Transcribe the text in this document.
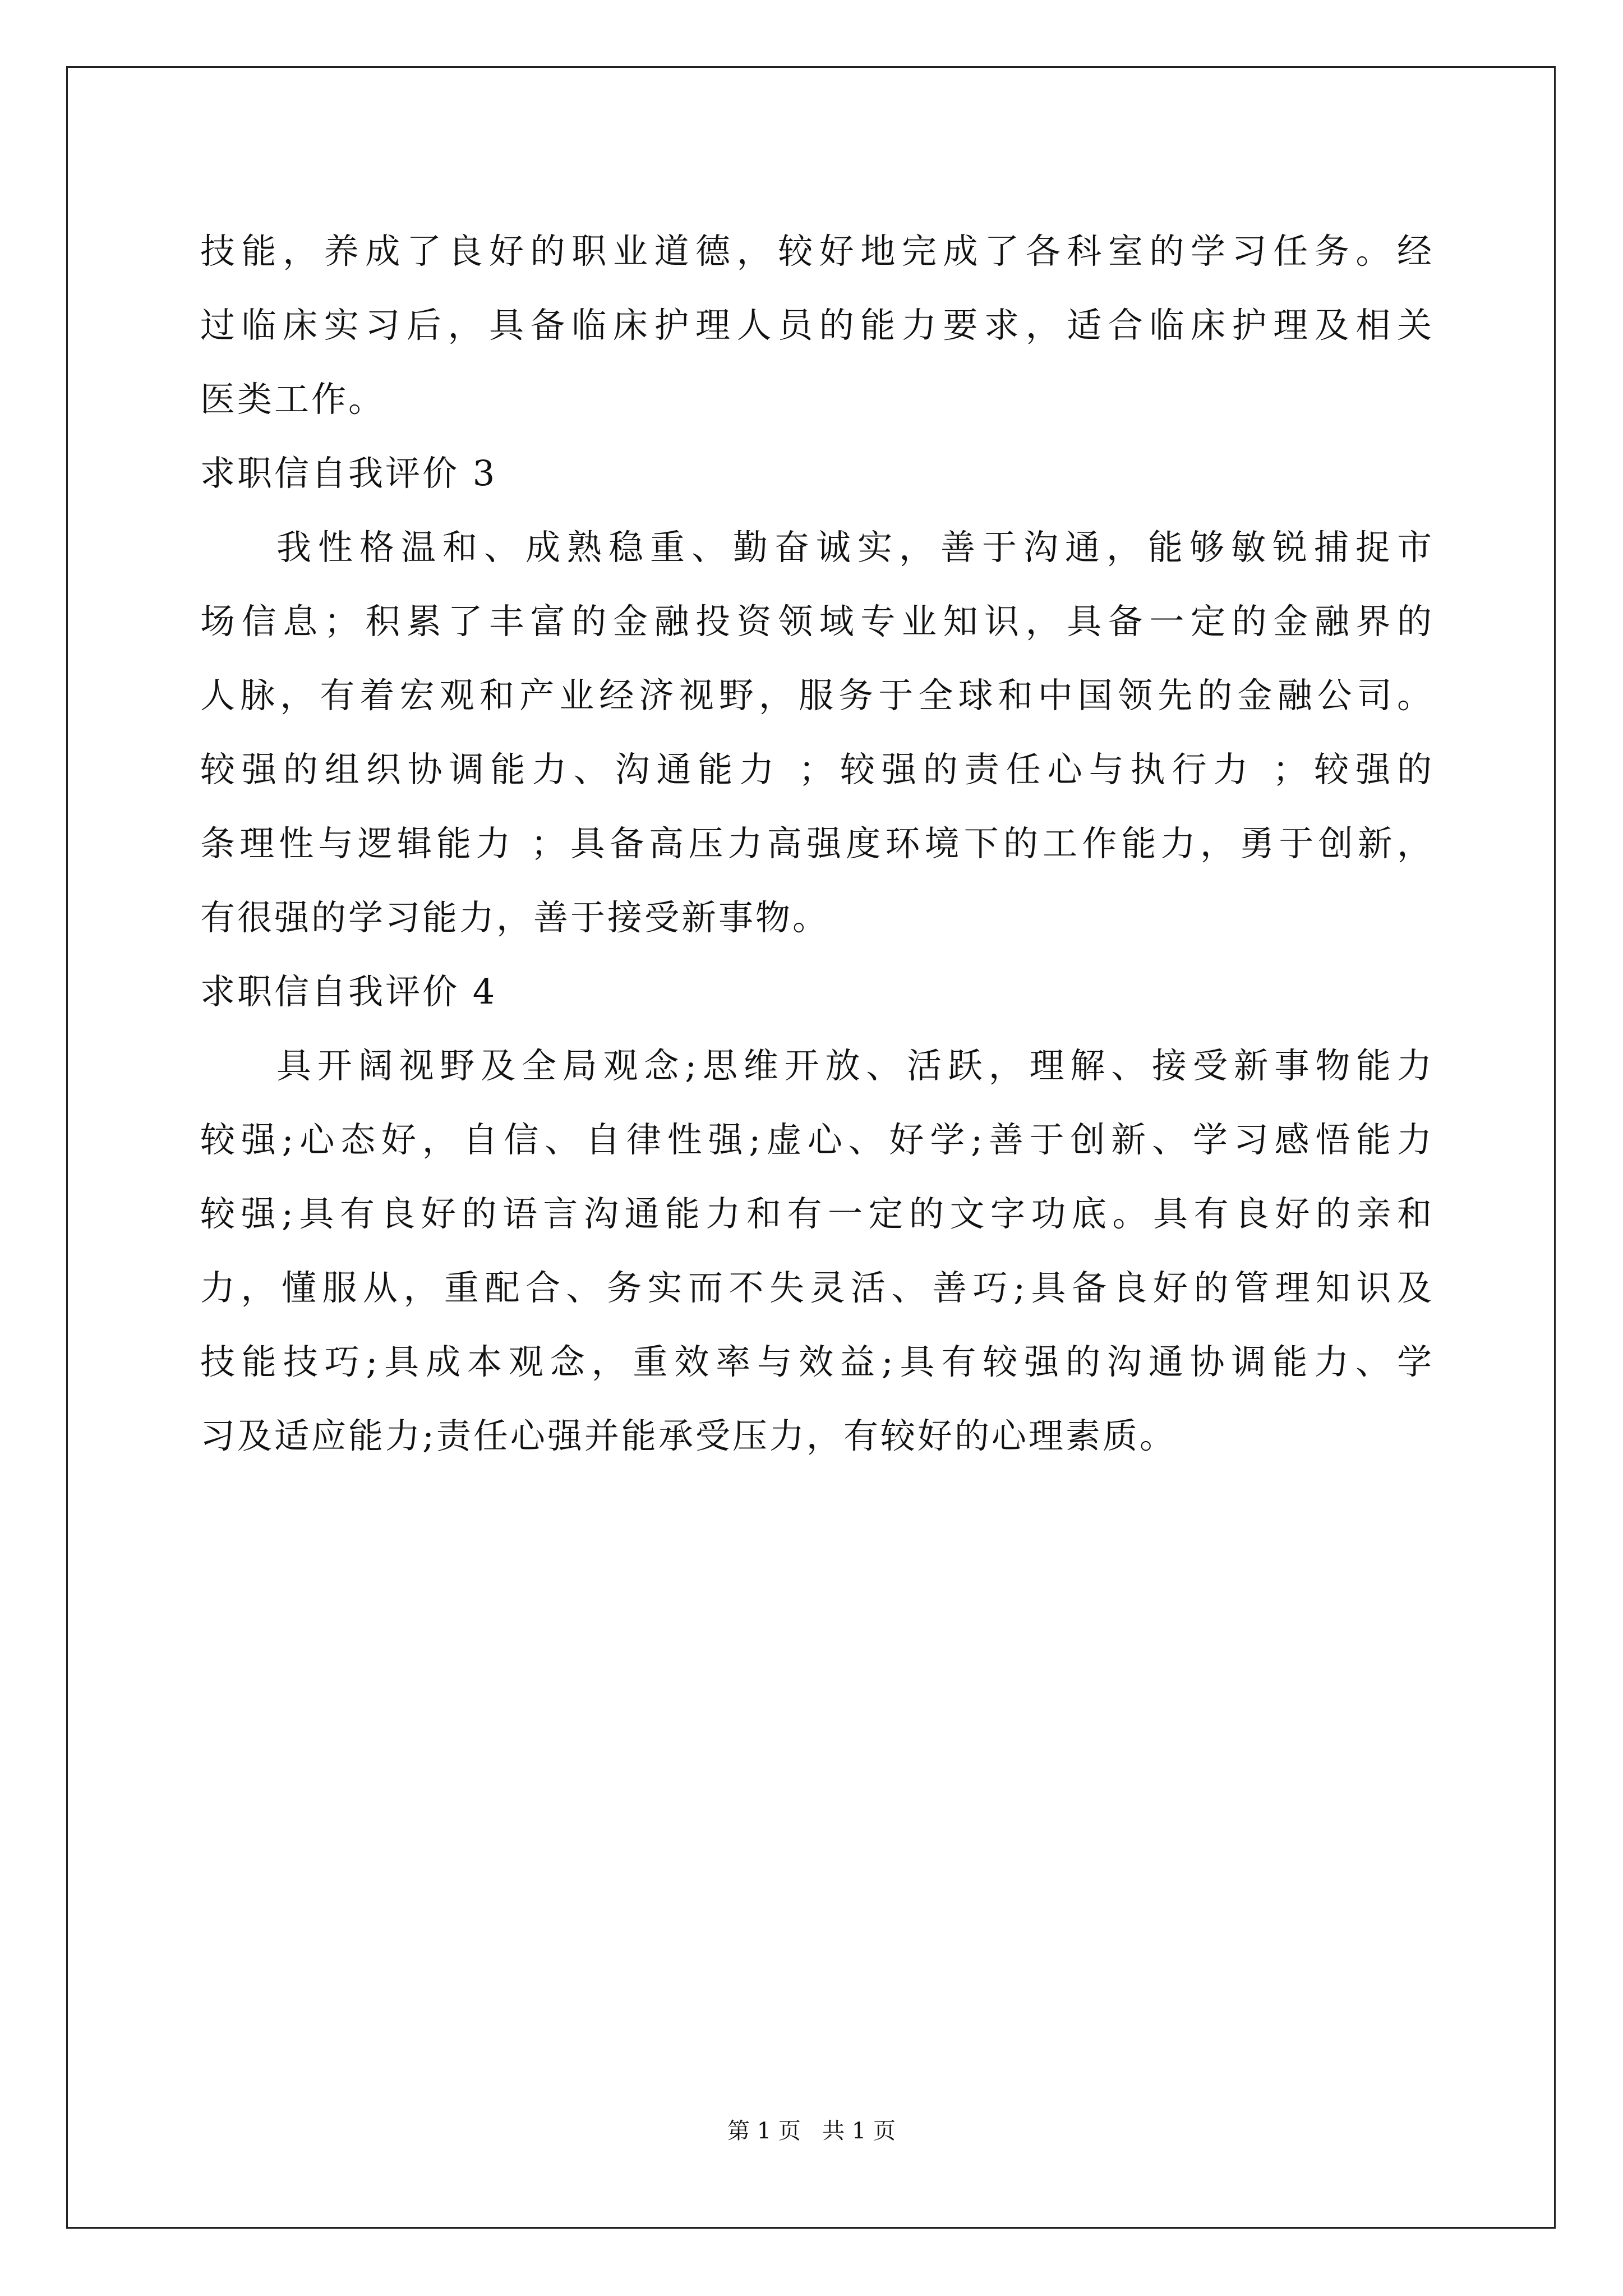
技能，养成了良好的职业道德，较好地完成了各科室的学习任务。经
过临床实习后，具备临床护理人员的能力要求，适合临床护理及相关
医类工作。
求职信自我评价 3
我性格温和、成熟稳重、勤奋诚实，善于沟通，能够敏锐捕捉市
场信息；积累了丰富的金融投资领域专业知识，具备一定的金融界的
人脉，有着宏观和产业经济视野，服务于全球和中国领先的金融公司。
较强的组织协调能力、沟通能力 ；较强的责任心与执行力 ；较强的
条理性与逻辑能力 ；具备高压力高强度环境下的工作能力，勇于创新，
有很强的学习能力，善于接受新事物。
求职信自我评价 4
具开阔视野及全局观念;思维开放、活跃，理解、接受新事物能力
较强;心态好，自信、自律性强;虚心、好学;善于创新、学习感悟能力
较强;具有良好的语言沟通能力和有一定的文字功底。具有良好的亲和
力，懂服从，重配合、务实而不失灵活、善巧;具备良好的管理知识及
技能技巧;具成本观念，重效率与效益;具有较强的沟通协调能力、学
习及适应能力;责任心强并能承受压力，有较好的心理素质。
第 1 页   共 1 页
